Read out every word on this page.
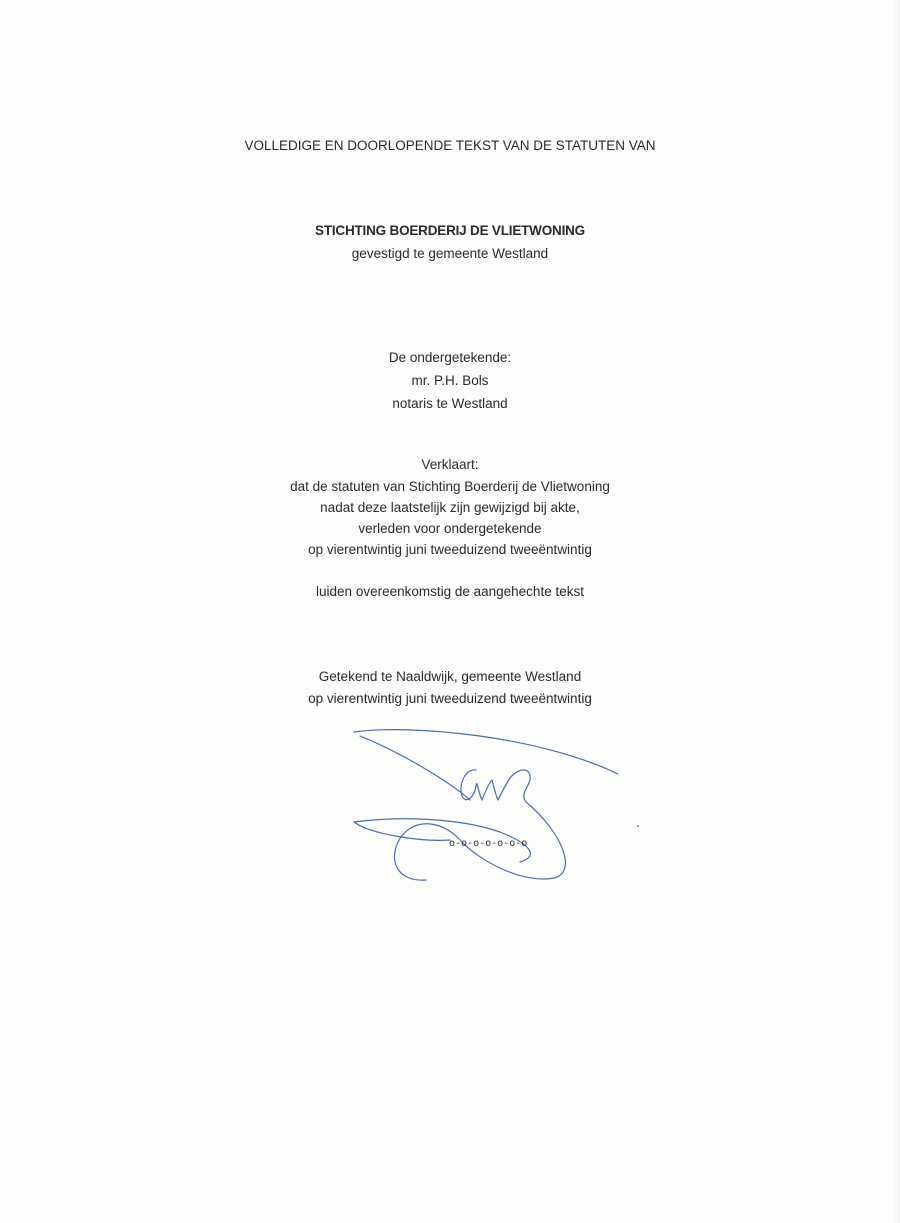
VOLLEDIGE EN DOORLOPENDE TEKST VAN DE STATUTEN VAN
STICHTING BOERDERIJ DE VLIETWONING
gevestigd te gemeente Westland
De ondergetekende:
mr. P.H. Bols
notaris te Westland
Verklaart:
dat de statuten van Stichting Boerderij de Vlietwoning
nadat deze laatstelijk zijn gewijzigd bij akte,
verleden voor ondergetekende
op vierentwintig juni tweeduizend tweeëntwintig
luiden overeenkomstig de aangehechte tekst
Getekend te Naaldwijk, gemeente Westland
op vierentwintig juni tweeduizend tweeëntwintig
o-o-o-o-o-o-o
